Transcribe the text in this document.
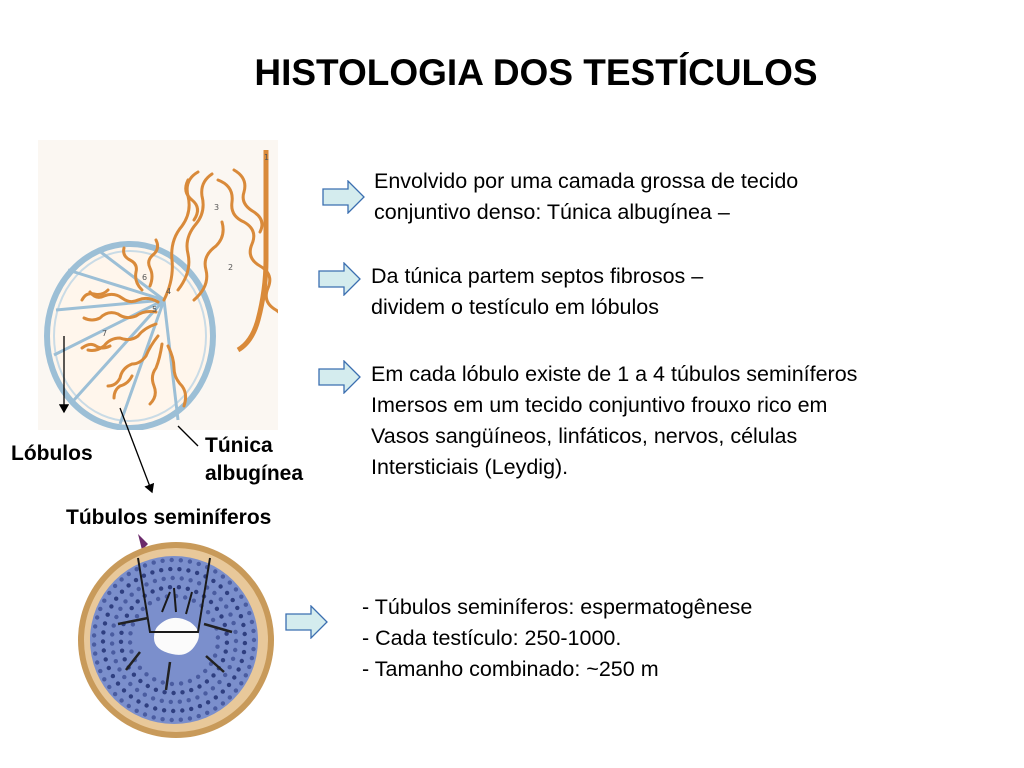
HISTOLOGIA DOS TESTÍCULOS
1
2
3
4
5
6
7
Lóbulos	Túnica
albugínea
Túbulos seminíferos
Envolvido por uma camada grossa de tecido
conjuntivo denso: Túnica albugínea –
Da túnica partem septos fibrosos –
dividem o testículo em lóbulos
Em cada lóbulo existe de 1 a 4 túbulos seminíferos
Imersos em um tecido conjuntivo frouxo rico em
Vasos sangüíneos, linfáticos, nervos, células
Intersticiais (Leydig).
- Túbulos seminíferos: espermatogênese
- Cada testículo: 250-1000.
- Tamanho combinado: ~250 m
